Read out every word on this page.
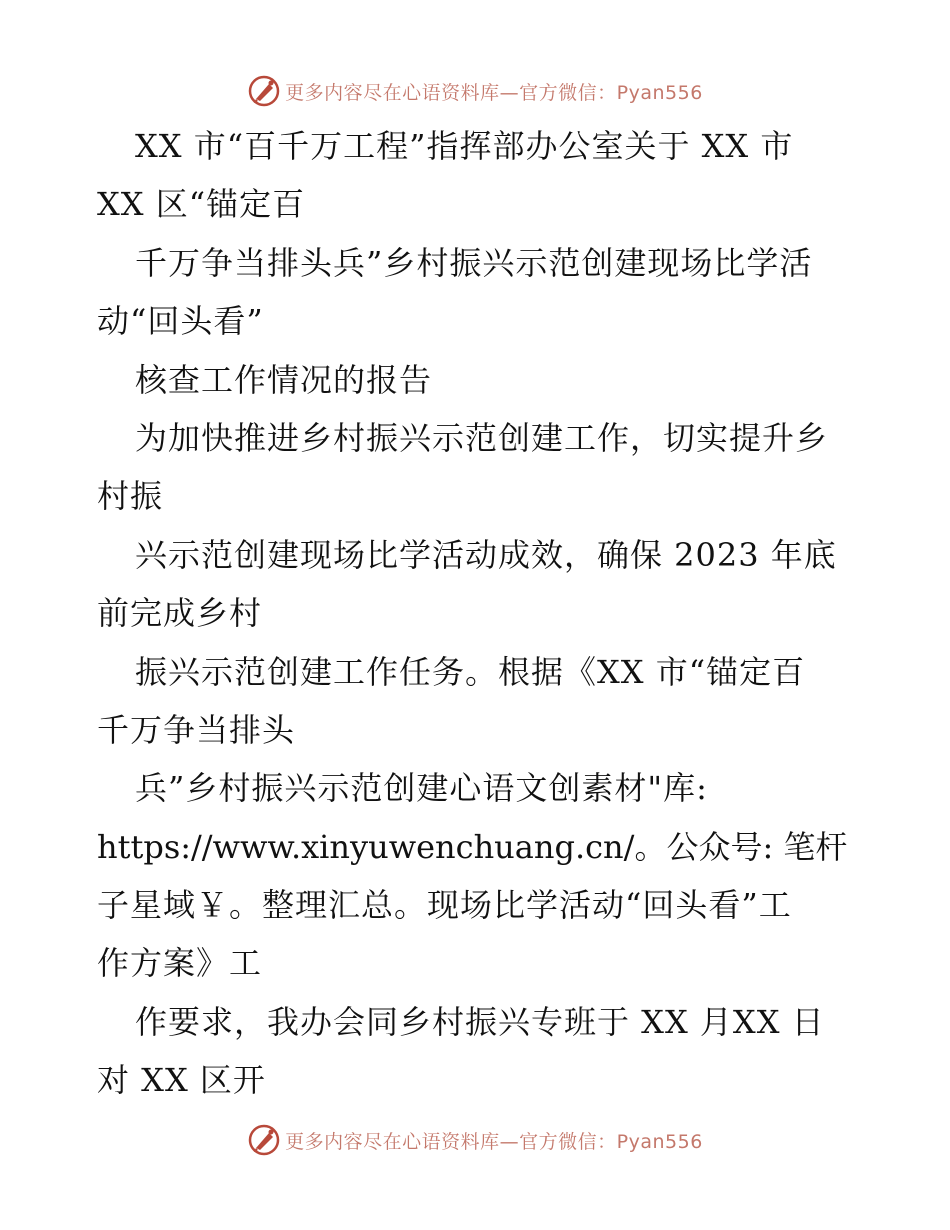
更多内容尽在心语资料库—官方微信：Pyan556
XX 市“百千万工程”指挥部办公室关于 XX 市
XX 区“锚定百
千万争当排头兵”乡村振兴示范创建现场比学活
动“回头看”
核查工作情况的报告
为加快推进乡村振兴示范创建工作，切实提升乡
村振
兴示范创建现场比学活动成效，确保 2023 年底
前完成乡村
振兴示范创建工作任务。根据《XX 市“锚定百
千万争当排头
兵”乡村振兴示范创建心语文创素材"库:
https://www.xinyuwenchuang.cn/。公众号: 笔杆
子星域￥。整理汇总。现场比学活动“回头看”工
作方案》工
作要求，我办会同乡村振兴专班于 XX 月XX 日
对 XX 区开
更多内容尽在心语资料库—官方微信：Pyan556
